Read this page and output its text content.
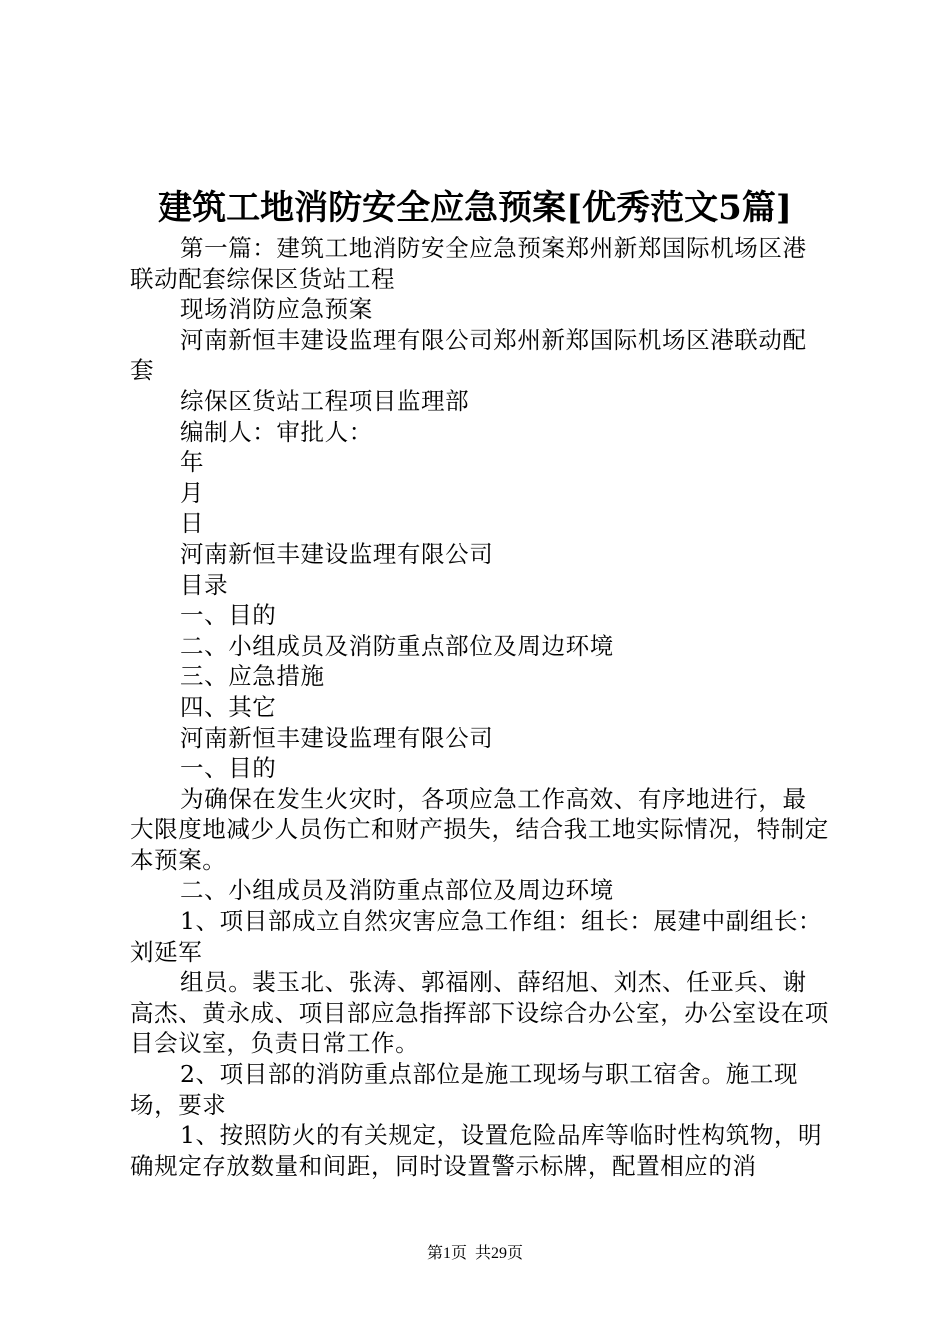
建筑工地消防安全应急预案[优秀范文5篇]

第一篇：建筑工地消防安全应急预案郑州新郑国际机场区港联动配套综保区货站工程

现场消防应急预案

河南新恒丰建设监理有限公司郑州新郑国际机场区港联动配套

综保区货站工程项目监理部

编制人：审批人：

年

月

日

河南新恒丰建设监理有限公司

目录

一、目的

二、小组成员及消防重点部位及周边环境

三、应急措施

四、其它

河南新恒丰建设监理有限公司

一、目的

为确保在发生火灾时，各项应急工作高效、有序地进行，最大限度地减少人员伤亡和财产损失，结合我工地实际情况，特制定本预案。

二、小组成员及消防重点部位及周边环境

1、项目部成立自然灾害应急工作组：组长：展建中副组长：刘延军

组员。裴玉北、张涛、郭福刚、薛绍旭、刘杰、任亚兵、谢高杰、黄永成、项目部应急指挥部下设综合办公室，办公室设在项目会议室，负责日常工作。

2、项目部的消防重点部位是施工现场与职工宿舍。施工现场，要求

1、按照防火的有关规定，设置危险品库等临时性构筑物，明确规定存放数量和间距，同时设置警示标牌，配置相应的消

第1页  共29页
